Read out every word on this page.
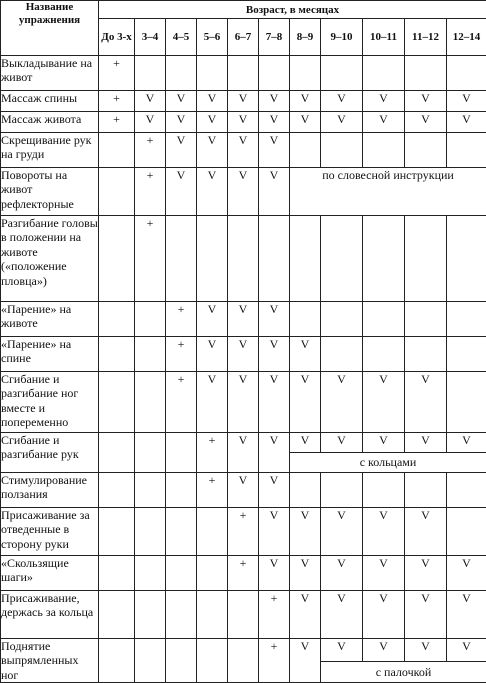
Название упражнения	Возраст, в месяцах										
	До 3-х	3–4	4–5	5–6	6–7	7–8	8–9	9–10	10–11	11–12	12–14
Выкладывание на живот	+										
Массаж спины	+	V	V	V	V	V	V	V	V	V	V
Массаж живота	+	V	V	V	V	V	V	V	V	V	V
Скрещивание рук на груди		+	V	V	V	V					
Повороты на живот рефлекторные		+	V	V	V	V	по словесной инструкции				
Разгибание головы в положении на животе («положение пловца»)		+									
«Парение» на животе			+	V	V	V					
«Парение» на спине			+	V	V	V	V				
Сгибание и разгибание ног вместе и попеременно			+	V	V	V	V	V	V	V	
Сгибание и разгибание рук				+	V	V	V	V	V	V	V
							с кольцами				
Стимулирование ползания				+	V	V					
Присаживание за отведенные в сторону руки					+	V	V	V	V	V	
«Скользящие шаги»					+	V	V	V	V	V	V
Присаживание, держась за кольца						+	V	V	V	V	V
Поднятие выпрямленных ног						+	V	V	V	V	V
								с палочкой			
